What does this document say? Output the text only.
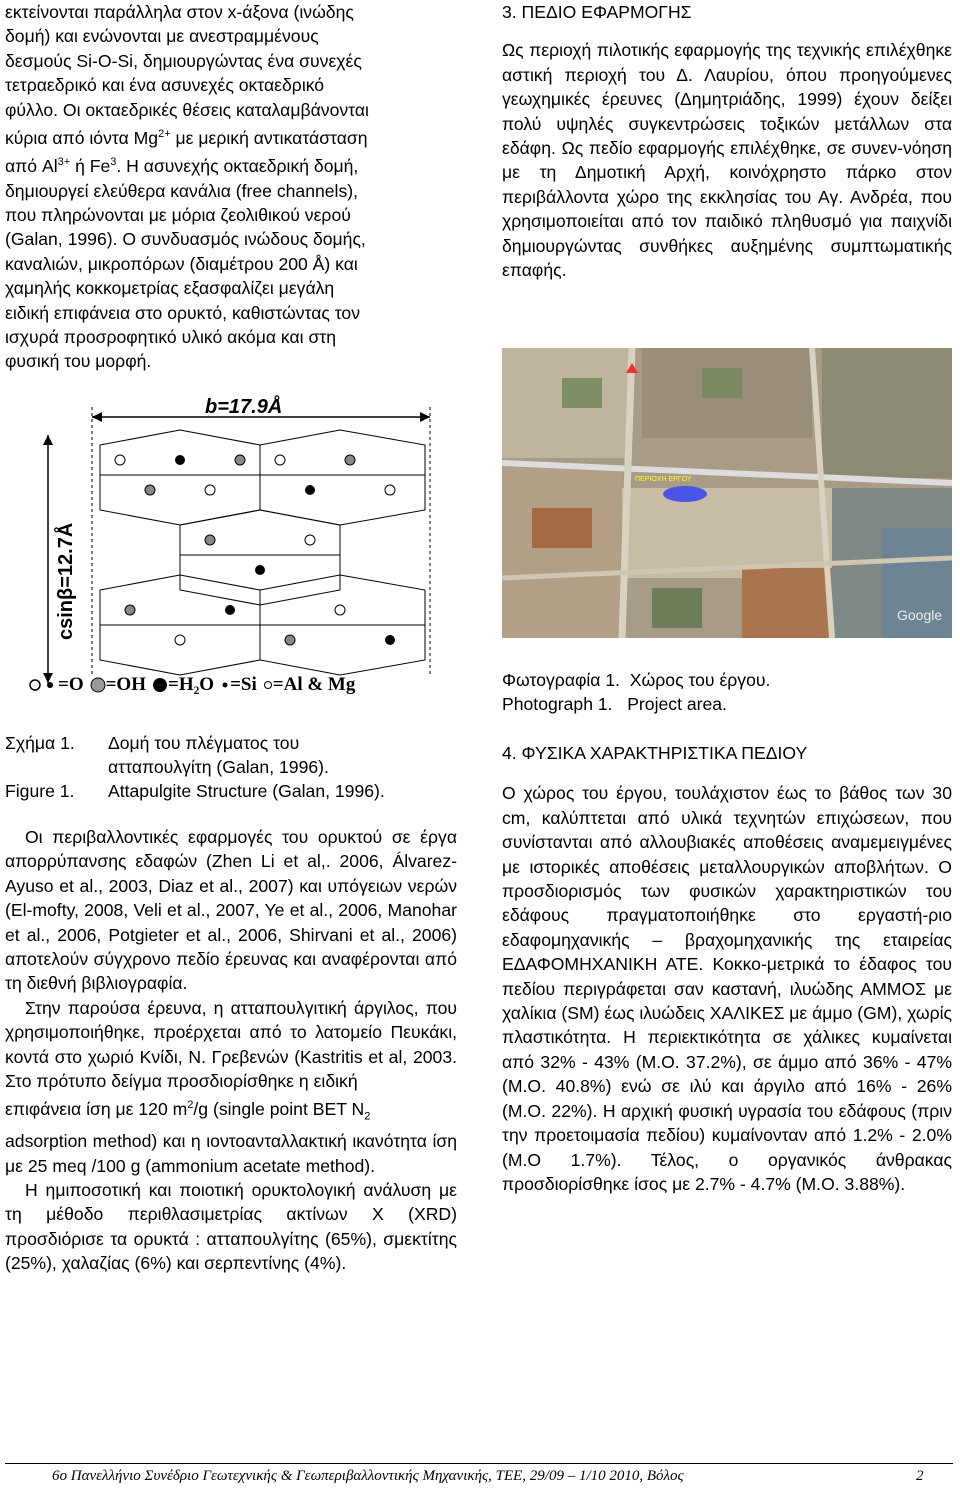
εκτείνονται παράλληλα στον x-άξονα (ινώδης

δομή) και ενώνονται με ανεστραμμένους

δεσμούς Si-O-Si, δημιουργώντας ένα συνεχές

τετραεδρικό και ένα ασυνεχές οκταεδρικό

φύλλο. Οι οκταεδρικές θέσεις καταλαμβάνονται

κύρια από ιόντα $Mg^{2+}$ με μερική αντικατάσταση

από $Al^{3+}$ ή Fe$^3$. Η ασυνεχής οκταεδρική δομή,

δημιουργεί ελεύθερα κανάλια (free channels),

που πληρώνονται με μόρια ζεολιθικού νερού

(Galan, 1996). Ο συνδυασμός ινώδους δομής,

καναλιών, μικροπόρων (διαμέτρου 200 Å) και

χαμηλής κοκκομετρίας εξασφαλίζει μεγάλη

ειδική επιφάνεια στο ορυκτό, καθιστώντας τον

ισχυρά προσροφητικό υλικό ακόμα και στη

φυσική του μορφή.

b=17.9Å
csinβ=12.7Å
=O =OH =H₂O =Si =Al & Mg
Σχήμα 1.	Δομή του πλέγματος του
ατταπουλγίτη (Galan, 1996).
Figure 1.	Attapulgite Structure (Galan, 1996).

Οι περιβαλλοντικές εφαρμογές του ορυκτού σε έργα απορρύπανσης εδαφών (Zhen Li et al,. 2006, Álvarez-Ayuso et al., 2003, Diaz et al., 2007) και υπόγειων νερών (El-mofty, 2008, Veli et al., 2007, Ye et al., 2006, Manohar et al., 2006, Potgieter et al., 2006, Shirvani et al., 2006) αποτελούν σύγχρονο πεδίο έρευνας και αναφέρονται από τη διεθνή βιβλιογραφία.

Στην παρούσα έρευνα, η ατταπουλγιτική άργιλος, που χρησιμοποιήθηκε, προέρχεται από το λατομείο Πευκάκι, κοντά στο χωριό Κνίδι, Ν. Γρεβενών (Kastritis et al, 2003. Στο πρότυπο δείγμα προσδιορίσθηκε η ειδική

επιφάνεια ίση με 120 $m^2/g$ (single point BET $N_2$

adsorption method) και η ιοντοανταλλακτική ικανότητα ίση με 25 meq /100 g (ammonium acetate method).

Η ημιποσοτική και ποιοτική ορυκτολογική ανάλυση με τη μέθοδο περιθλασιμετρίας ακτίνων Χ (XRD) προσδιόρισε τα ορυκτά : ατταπουλγίτης (65%), σμεκτίτης (25%), χαλαζίας (6%) και σερπεντίνης (4%).

3. ΠΕΔΙΟ ΕΦΑΡΜΟΓΗΣ

Ως περιοχή πιλοτικής εφαρμογής της τεχνικής επιλέχθηκε αστική περιοχή του Δ. Λαυρίου, όπου προηγούμενες γεωχημικές έρευνες (Δημητριάδης, 1999) έχουν δείξει πολύ υψηλές συγκεντρώσεις τοξικών μετάλλων στα εδάφη. Ως πεδίο εφαρμογής επιλέχθηκε, σε συνεν-νόηση με τη Δημοτική Αρχή, κοινόχρηστο πάρκο στον περιβάλλοντα χώρο της εκκλησίας του Αγ. Ανδρέα, που χρησιμοποιείται από τον παιδικό πληθυσμό για παιχνίδι δημιουργώντας συνθήκες αυξημένης συμπτωματικής επαφής.

ΠΕΡΙΟΧΗ ΕΡΓΟΥ
Google
Φωτογραφία 1.  Χώρος του έργου.
Photograph 1.   Project area.
4. ΦΥΣΙΚΑ ΧΑΡΑΚΤΗΡΙΣΤΙΚΑ ΠΕΔΙΟΥ

Ο χώρος του έργου, τουλάχιστον έως το βάθος των 30 cm, καλύπτεται από υλικά τεχνητών επιχώσεων, που συνίστανται από αλλουβιακές αποθέσεις αναμεμειγμένες με ιστορικές αποθέσεις μεταλλουργικών αποβλήτων. Ο προσδιορισμός των φυσικών χαρακτηριστικών του εδάφους πραγματοποιήθηκε στο εργαστή-ριο εδαφομηχανικής – βραχομηχανικής της εταιρείας ΕΔΑΦΟΜΗΧΑΝΙΚΗ ΑΤΕ. Κοκκο-μετρικά το έδαφος του πεδίου περιγράφεται σαν καστανή, ιλυώδης ΑΜΜΟΣ με χαλίκια (SM) έως ιλυώδεις ΧΑΛΙΚΕΣ με άμμο (GM), χωρίς πλαστικότητα. Η περιεκτικότητα σε χάλικες κυμαίνεται από 32% - 43% (Μ.Ο. 37.2%), σε άμμο από 36% - 47% (Μ.Ο. 40.8%) ενώ σε ιλύ και άργιλο από 16% - 26% (Μ.Ο. 22%). Η αρχική φυσική υγρασία του εδάφους (πριν την προετοιμασία πεδίου) κυμαίνονταν από 1.2% - 2.0% (Μ.Ο 1.7%). Τέλος, ο οργανικός άνθρακας προσδιορίσθηκε ίσος με 2.7% - 4.7% (Μ.Ο. 3.88%).

6ο Πανελλήνιο Συνέδριο Γεωτεχνικής & Γεωπεριβαλλοντικής Μηχανικής, ΤΕΕ, 29/09 – 1/10 2010, Βόλος	2
